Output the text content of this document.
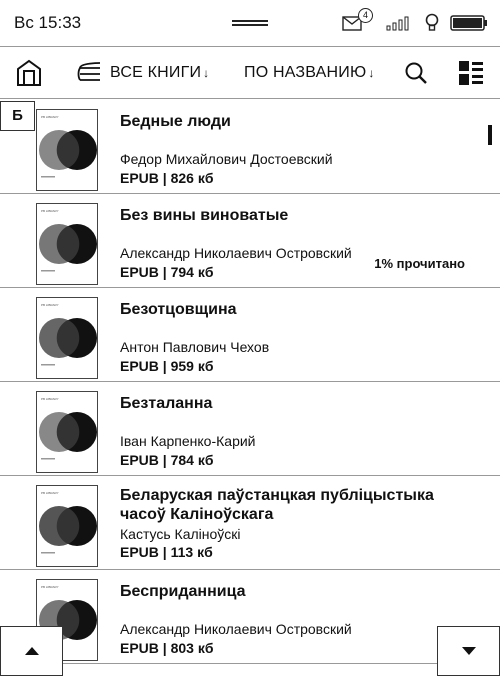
Вс 15:33	4
ВСЕ КНИГИ ↓ ПО НАЗВАНИЮ ↓
PB LIBRARY	Бедные люди
Федор Михайлович Достоевский
EPUB | 826 кб
PB LIBRARY	Без вины виноватые
Александр Николаевич Островский
EPUB | 794 кб
1% прочитано
PB LIBRARY	Безотцовщина
Антон Павлович Чехов
EPUB | 959 кб
PB LIBRARY	Безталанна
Іван Карпенко-Карий
EPUB | 784 кб
PB LIBRARY	Беларуская паўстанцкая публіцыстыка часоў Каліноўскага
Кастусь Каліноўскі
EPUB | 113 кб
PB LIBRARY	Бесприданница
Александр Николаевич Островский
EPUB | 803 кб
Б
